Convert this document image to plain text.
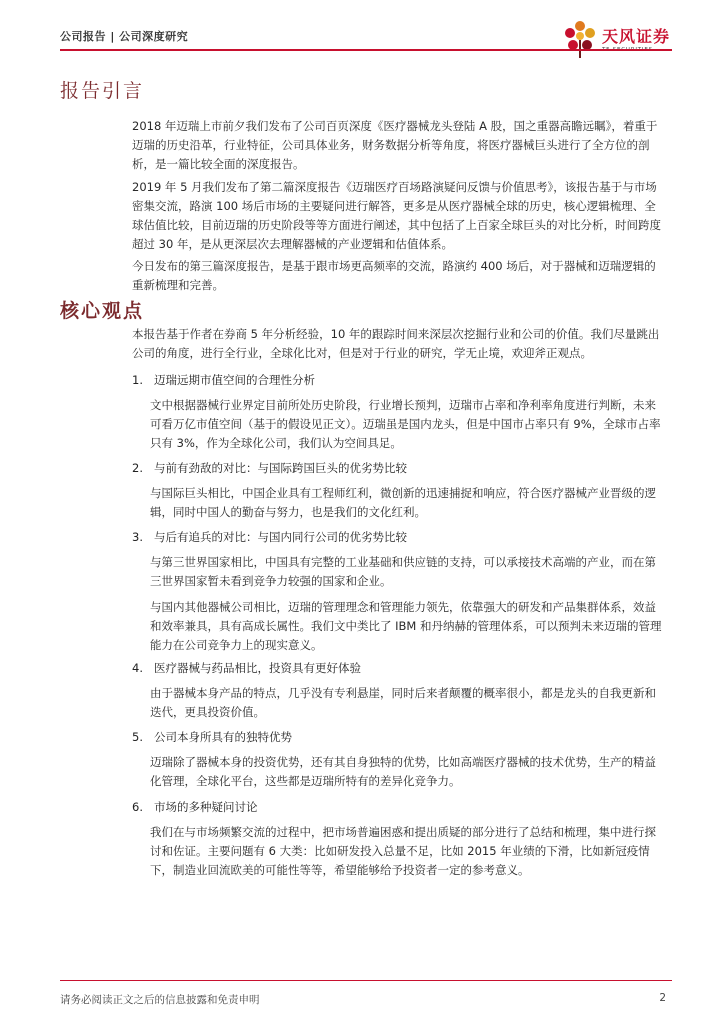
公司报告 | 公司深度研究	天风证券
报告引言

2018 年迈瑞上市前夕我们发布了公司百页深度《医疗器械龙头登陆 A 股，国之重器高瞻远瞩》，着重于迈瑞的历史沿革，行业特征，公司具体业务，财务数据分析等角度，将医疗器械巨头进行了全方位的剖析，是一篇比较全面的深度报告。

2019 年 5 月我们发布了第二篇深度报告《迈瑞医疗百场路演疑问反馈与价值思考》，该报告基于与市场密集交流，路演 100 场后市场的主要疑问进行解答，更多是从医疗器械全球的历史，核心逻辑梳理、全球估值比较，目前迈瑞的历史阶段等等方面进行阐述，其中包括了上百家全球巨头的对比分析，时间跨度超过 30 年，是从更深层次去理解器械的产业逻辑和估值体系。

今日发布的第三篇深度报告，是基于跟市场更高频率的交流，路演约 400 场后，对于器械和迈瑞逻辑的重新梳理和完善。

核心观点

本报告基于作者在券商 5 年分析经验，10 年的跟踪时间来深层次挖掘行业和公司的价值。我们尽量跳出公司的角度，进行全行业，全球化比对，但是对于行业的研究，学无止境，欢迎斧正观点。

1. 迈瑞远期市值空间的合理性分析

文中根据器械行业界定目前所处历史阶段，行业增长预判，迈瑞市占率和净利率角度进行判断，未来可看万亿市值空间（基于的假设见正文）。迈瑞虽是国内龙头，但是中国市占率只有 9%，全球市占率只有 3%，作为全球化公司，我们认为空间具足。

2. 与前有劲敌的对比：与国际跨国巨头的优劣势比较

与国际巨头相比，中国企业具有工程师红利，微创新的迅速捕捉和响应，符合医疗器械产业晋级的逻辑，同时中国人的勤奋与努力，也是我们的文化红利。

3. 与后有追兵的对比：与国内同行公司的优劣势比较

与第三世界国家相比，中国具有完整的工业基础和供应链的支持，可以承接技术高端的产业，而在第三世界国家暂未看到竞争力较强的国家和企业。

与国内其他器械公司相比，迈瑞的管理理念和管理能力领先，依靠强大的研发和产品集群体系，效益和效率兼具，具有高成长属性。我们文中类比了 IBM 和丹纳赫的管理体系，可以预判未来迈瑞的管理能力在公司竞争力上的现实意义。

4. 医疗器械与药品相比，投资具有更好体验

由于器械本身产品的特点，几乎没有专利悬崖，同时后来者颠覆的概率很小，都是龙头的自我更新和迭代，更具投资价值。

5. 公司本身所具有的独特优势

迈瑞除了器械本身的投资优势，还有其自身独特的优势，比如高端医疗器械的技术优势，生产的精益化管理，全球化平台，这些都是迈瑞所特有的差异化竞争力。

6. 市场的多种疑问讨论

我们在与市场频繁交流的过程中，把市场普遍困惑和提出质疑的部分进行了总结和梳理，集中进行探讨和佐证。主要问题有 6 大类：比如研发投入总量不足，比如 2015 年业绩的下滑，比如新冠疫情下，制造业回流欧美的可能性等等，希望能够给予投资者一定的参考意义。

请务必阅读正文之后的信息披露和免责申明	2
